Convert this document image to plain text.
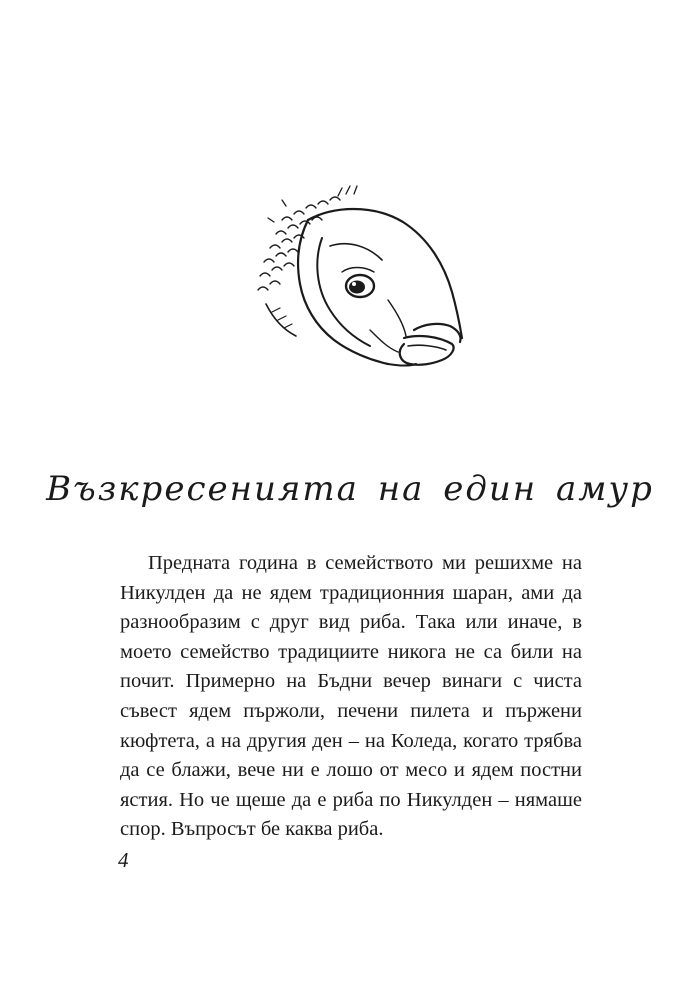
Възкресенията на един амур

Предната година в семейството ми решихме на Никулден да не ядем традиционния шаран, ами да разнообразим с друг вид риба. Така или иначе, в моето семейство традициите никога не са били на почит. Примерно на Бъдни вечер винаги с чиста съвест ядем пържоли, печени пилета и пържени кюфтета, а на другия ден – на Коледа, когато трябва да се блажи, вече ни е лошо от месо и ядем постни ястия. Но че щеше да е риба по Никулден – нямаше спор. Въпросът бе каква риба.

4
